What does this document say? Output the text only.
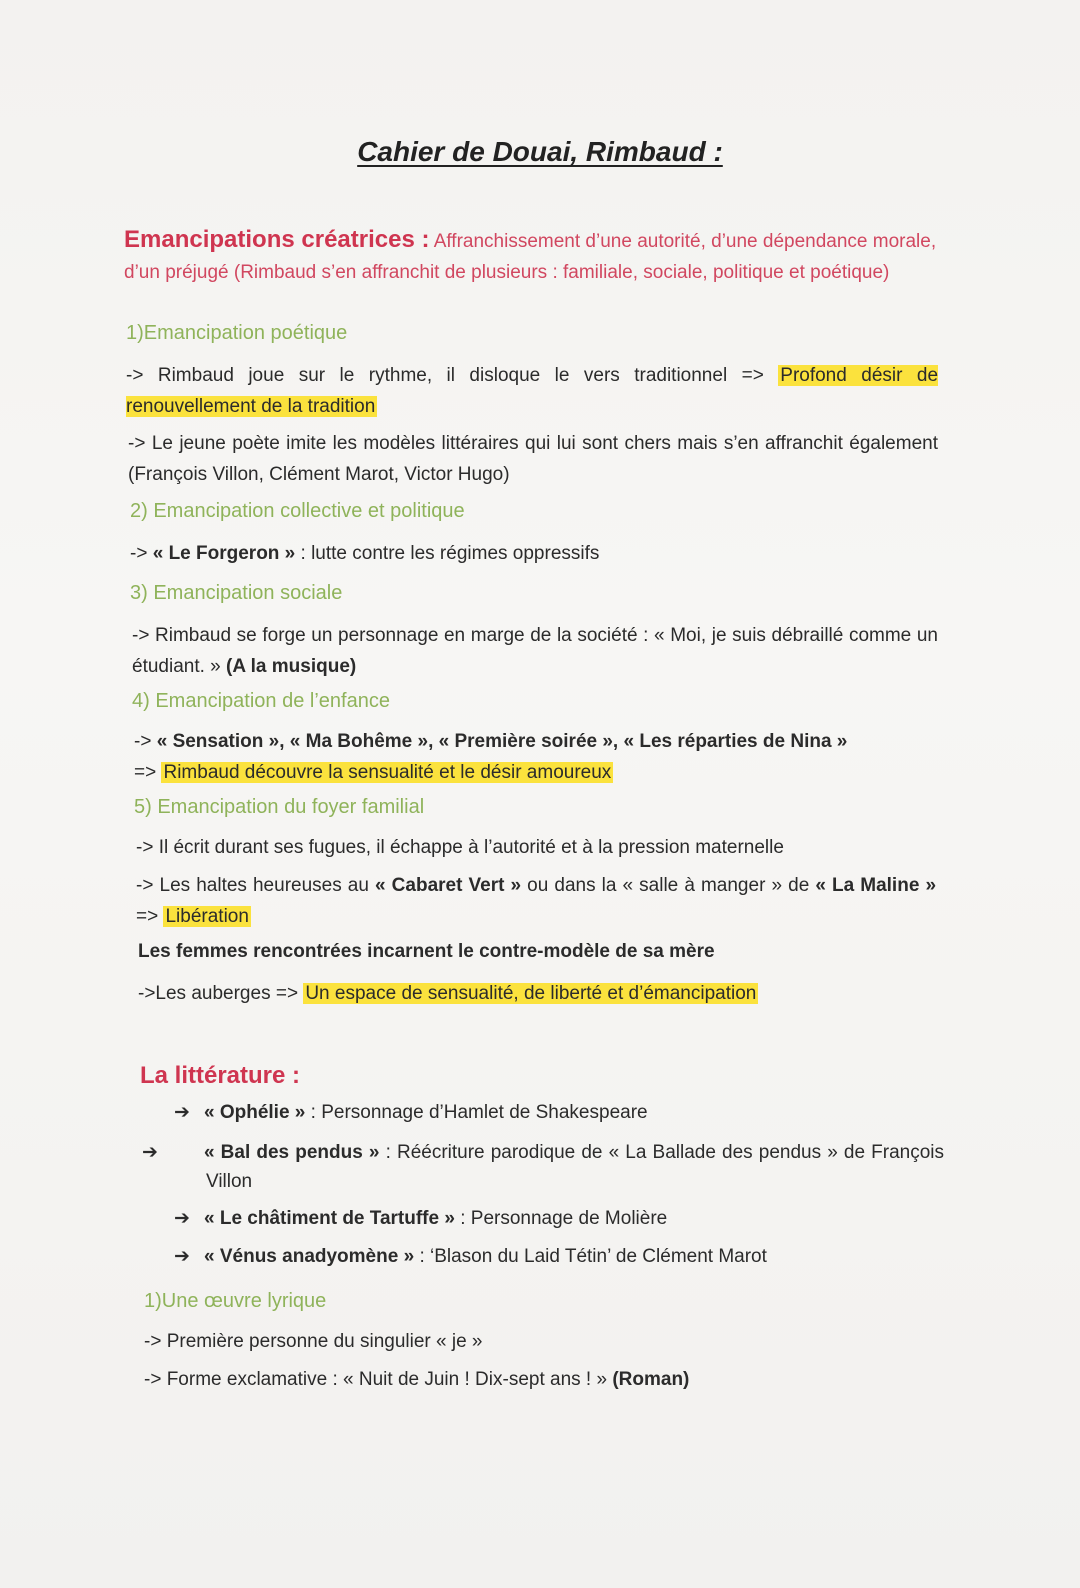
Cahier de Douai, Rimbaud :
Emancipations créatrices : Affranchissement d’une autorité, d’une dépendance morale, d’un préjugé (Rimbaud s’en affranchit de plusieurs : familiale, sociale, politique et poétique)
1)Emancipation poétique
-> Rimbaud joue sur le rythme, il disloque le vers traditionnel => Profond désir de renouvellement de la tradition
-> Le jeune poète imite les modèles littéraires qui lui sont chers mais s’en affranchit également (François Villon, Clément Marot, Victor Hugo)
2) Emancipation collective et politique
-> « Le Forgeron » : lutte contre les régimes oppressifs
3) Emancipation sociale
-> Rimbaud se forge un personnage en marge de la société : « Moi, je suis débraillé comme un étudiant. » (A la musique)
4) Emancipation de l’enfance
-> « Sensation », « Ma Bohême », « Première soirée », « Les réparties de Nina »
=> Rimbaud découvre la sensualité et le désir amoureux
5) Emancipation du foyer familial
-> Il écrit durant ses fugues, il échappe à l’autorité et à la pression maternelle
-> Les haltes heureuses au « Cabaret Vert » ou dans la « salle à manger » de « La Maline » => Libération
Les femmes rencontrées incarnent le contre-modèle de sa mère
->Les auberges => Un espace de sensualité, de liberté et d’émancipation
La littérature :
➔ « Ophélie » : Personnage d’Hamlet de Shakespeare
➔ « Bal des pendus » : Réécriture parodique de « La Ballade des pendus » de François Villon
➔ « Le châtiment de Tartuffe » : Personnage de Molière
➔ « Vénus anadyomène » : ‘Blason du Laid Tétin’ de Clément Marot
1)Une œuvre lyrique
-> Première personne du singulier « je »
-> Forme exclamative : « Nuit de Juin ! Dix-sept ans ! » (Roman)
